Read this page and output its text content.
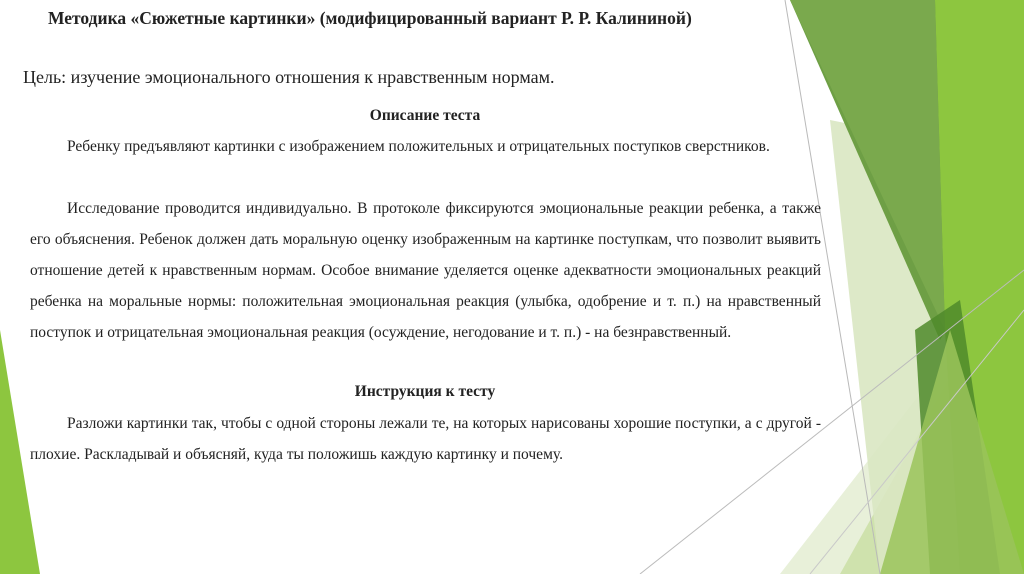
Методика «Сюжетные картинки» (модифицированный вариант Р. Р. Калининой)
Цель: изучение эмоционального отношения к нравственным нормам.
Описание теста
Ребенку предъявляют картинки с изображением положительных и отрицательных поступков сверстников.
Исследование проводится индивидуально. В протоколе фиксируются эмоциональные реакции ребенка, а также его объяснения. Ребенок должен дать моральную оценку изображенным на картинке поступкам, что позволит выявить отношение детей к нравственным нормам. Особое внимание уделяется оценке адекватности эмоциональных реакций ребенка на моральные нормы: положительная эмоциональная реакция (улыбка, одобрение и т. п.) на нравственный поступок и отрицательная эмоциональная реакция (осуждение, негодование и т. п.) - на безнравственный.
Инструкция к тесту
Разложи картинки так, чтобы с одной стороны лежали те, на которых нарисованы хорошие поступки, а с другой - плохие. Раскладывай и объясняй, куда ты положишь каждую картинку и почему.
